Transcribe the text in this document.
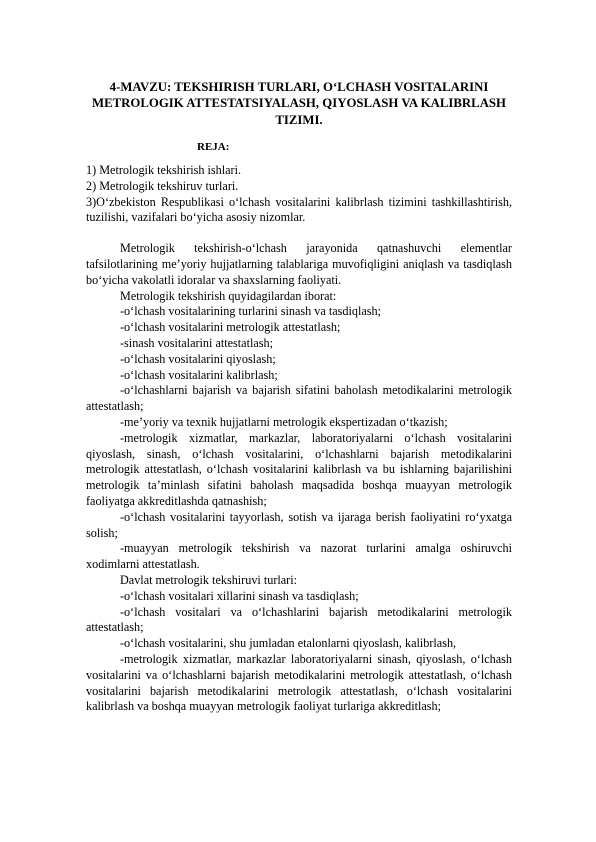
4-MAVZU: TEKSHIRISH TURLARI, O‘LCHASH VOSITALARINI METROLOGIK ATTESTATSIYALASH, QIYOSLASH VA KALIBRLASH TIZIMI.
REJA:

1) Metrologik tekshirish ishlari.

2) Metrologik tekshiruv turlari.

3)O‘zbekiston Respublikasi o‘lchash vositalarini kalibrlash tizimini tashkillashtirish, tuzilishi, vazifalari bo‘yicha asosiy nizomlar.

Metrologik tekshirish-o‘lchash jarayonida qatnashuvchi elementlar tafsilotlarining me’yoriy hujjatlarning talablariga muvofiqligini aniqlash va tasdiqlash bo‘yicha vakolatli idoralar va shaxslarning faoliyati.

Metrologik tekshirish quyidagilardan iborat:

-o‘lchash vositalarining turlarini sinash va tasdiqlash;

-o‘lchash vositalarini metrologik attestatlash;

-sinash vositalarini attestatlash;

-o‘lchash vositalarini qiyoslash;

-o‘lchash vositalarini kalibrlash;

-o‘lchashlarni bajarish va bajarish sifatini baholash metodikalarini metrologik attestatlash;

-me’yoriy va texnik hujjatlarni metrologik ekspertizadan o‘tkazish;

-metrologik xizmatlar, markazlar, laboratoriyalarni o‘lchash vositalarini qiyoslash, sinash, o‘lchash vositalarini, o‘lchashlarni bajarish metodikalarini metrologik attestatlash, o‘lchash vositalarini kalibrlash va bu ishlarning bajarilishini metrologik ta’minlash sifatini baholash maqsadida boshqa muayyan metrologik faoliyatga akkreditlashda qatnashish;

-o‘lchash vositalarini tayyorlash, sotish va ijaraga berish faoliyatini ro‘yxatga solish;

-muayyan metrologik tekshirish va nazorat turlarini amalga oshiruvchi xodimlarni attestatlash.

Davlat metrologik tekshiruvi turlari:

-o‘lchash vositalari xillarini sinash va tasdiqlash;

-o‘lchash vositalari va o‘lchashlarini bajarish metodikalarini metrologik attestatlash;

-o‘lchash vositalarini, shu jumladan etalonlarni qiyoslash, kalibrlash,

-metrologik xizmatlar, markazlar laboratoriyalarni sinash, qiyoslash, o‘lchash vositalarini va o‘lchashlarni bajarish metodikalarini metrologik attestatlash, o‘lchash vositalarini bajarish metodikalarini metrologik attestatlash, o‘lchash vositalarini kalibrlash va boshqa muayyan metrologik faoliyat turlariga akkreditlash;
